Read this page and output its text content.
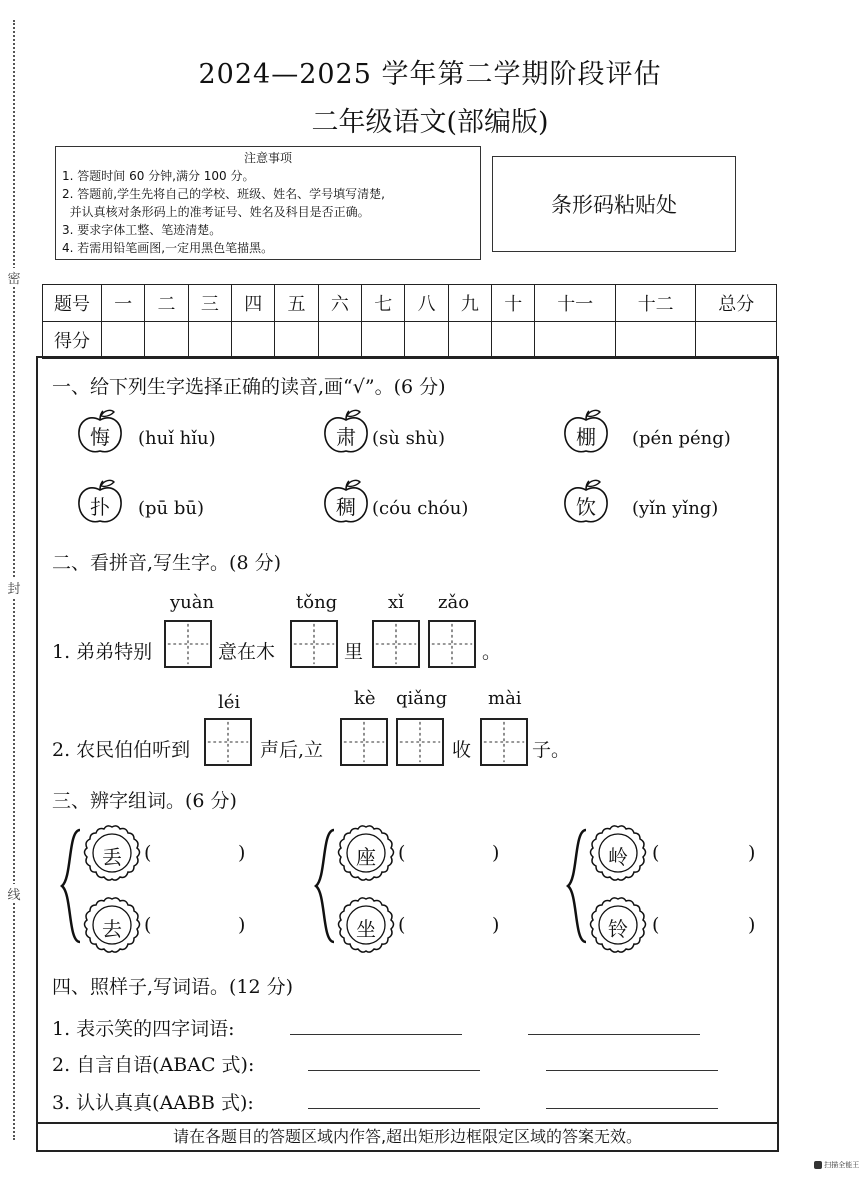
密
封
线
2024—2025 学年第二学期阶段评估
二年级语文(部编版)
注意事项
1. 答题时间 60 分钟,满分 100 分。
2. 答题前,学生先将自己的学校、班级、姓名、学号填写清楚,
并认真核对条形码上的准考证号、姓名及科目是否正确。
3. 要求字体工整、笔迹清楚。
4. 若需用铅笔画图,一定用黑色笔描黑。
条形码粘贴处
题号	一	二	三	四	五	六	七	八	九	十	十一	十二	总分
得分													
一、给下列生字选择正确的读音,画“√”。(6 分)
悔	(huǐ hǐu)	肃 (sù shù)	棚	(pén péng)
扑	(pū bū)	稠 (cóu chóu)	饮	(yǐn yǐng)
二、看拼音,写生字。(8 分)
yuàn	tǒng	xǐ zǎo
1. 弟弟特别	意在木	里	。
léi	kè qiǎng mài
2. 农民伯伯听到	声后,立	收	子。
三、辨字组词。(6 分)
丢	(	)
去	(	)
座	(	)
坐	(	)
岭	(	)
铃	(	)
四、照样子,写词语。(12 分)
1. 表示笑的四字词语:
2. 自言自语(ABAC 式):
3. 认认真真(AABB 式):
请在各题目的答题区域内作答,超出矩形边框限定区域的答案无效。
扫描全能王
